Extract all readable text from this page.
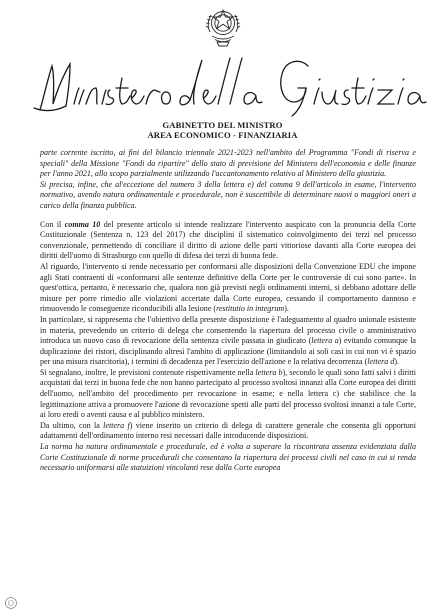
GABINETTO DEL MINISTRO
AREA ECONOMICO - FINANZIARIA

parte corrente iscritto, ai fini del bilancio triennale 2021-2023 nell'ambito del Programma "Fondi di riserva e speciali" della Missione "Fondi da ripartire" dello stato di previsione del Ministero dell'economia e delle finanze per l'anno 2021, allo scopo parzialmente utilizzando l'accantonamento relativo al Ministero della giustizia.

Si precisa, infine, che al'eccezione del numero 3 della lettera e) del comma 9 dell'articolo in esame, l'intervento normativo, avendo natura ordinamentale e procedurale, non è suscettibile di determinare nuovi o maggiori oneri a carico della finanza pubblica.

Con il comma 10 del presente articolo si intende realizzare l'intervento auspicato con la pronuncia della Corte Costituzionale (Sentenza n. 123 del 2017) che disciplini il sistematico coinvolgimento dei terzi nel processo convenzionale, permettendo di conciliare il diritto di azione delle parti vittoriose davanti alla Corte europea dei diritti dell'uomo di Strasburgo con quello di difesa dei terzi di buona fede.

Al riguardo, l'intervento si rende necessario per conformarsi alle disposizioni della Convenzione EDU che impone agli Stati contraenti di «conformarsi alle sentenze definitive della Corte per le controversie di cui sono parte». In quest'ottica, pertanto, è necessario che, qualora non già previsti negli ordinamenti interni, si debbano adottare delle misure per porre rimedio alle violazioni accertate dalla Corte europea, cessando il comportamento dannoso e rimuovendo le conseguenze riconducibili alla lesione (restitutio in integrum).

In particolare, si rappresenta che l'obiettivo della presente disposizione è l'adeguamento al quadro unionale esistente in materia, prevedendo un criterio di delega che consentendo la riapertura del processo civile o amministrativo introduca un nuovo caso di revocazione della sentenza civile passata in giudicato (lettera a) evitando comunque la duplicazione dei ristori, disciplinando altresì l'ambito di applicazione (limitandolo ai soli casi in cui non vi è spazio per una misura risarcitoria), i termini di decadenza per l'esercizio dell'azione e la relativa decorrenza (lettera d).

Si segnalano, inoltre, le previsioni contenute rispettivamente nella lettera b), secondo le quali sono fatti salvi i diritti acquistati dai terzi in buona fede che non hanno partecipato al processo svoltosi innanzi alla Corte europea dei diritti dell'uomo, nell'ambito del procedimento per revocazione in esame; e nella lettera c) che stabilisce che la legittimazione attiva a promuovere l'azione di revocazione spetti alle parti del processo svoltosi innanzi a tale Corte, ai loro eredi o aventi causa e al pubblico ministero.

Da ultimo, con la lettera f) viene inserito un criterio di delega di carattere generale che consenta gli opportuni adattamenti dell'ordinamento interno resi necessari dalle introducende disposizioni.

La norma ha natura ordinamentale e procedurale, ed è volta a superare la riscontrata assenza evidenziata dalla Corte Costituzionale di norme procedurali che consentano la riapertura dei processi civili nel caso in cui si renda necessario uniformarsi alle statuizioni vincolanti rese dalla Corte europea
